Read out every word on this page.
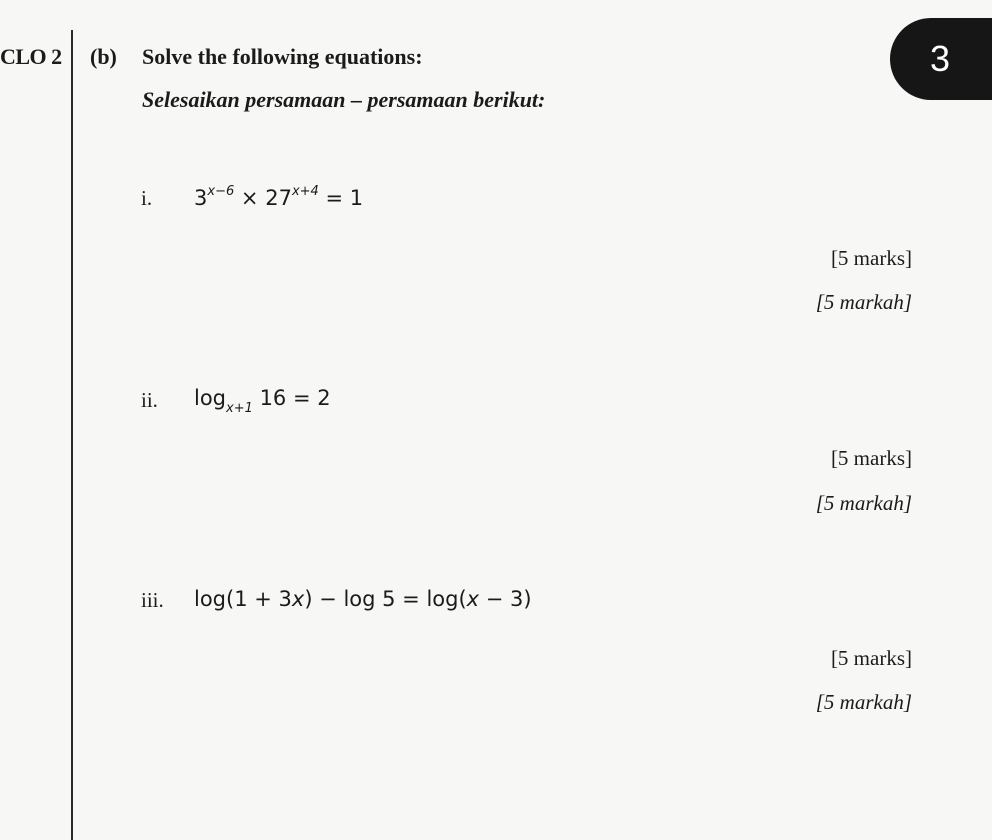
CLO 2 (b) Solve the following equations:
Selesaikan persamaan – persamaan berikut:
3
i. $3^{x-6} \times 27^{x+4} = 1$
[5 marks]
[5 markah]
ii. $\log_{x+1} 16 = 2$
[5 marks]
[5 markah]
iii. log(1 + 3x) − log 5 = log(x − 3)
[5 marks]
[5 markah]
